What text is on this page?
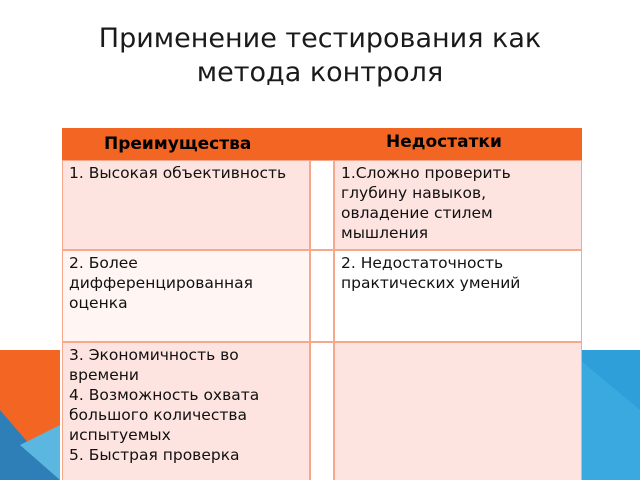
Применение тестирования как
метода контроля
Преимущества	Недостатки
1. Высокая объективность
2. Более дифференцированная оценка
3. Экономичность во времени
4. Возможность охвата большого количества испытуемых
5. Быстрая проверка
1.Сложно проверить глубину навыков, овладение стилем мышления
2. Недостаточность практических умений
